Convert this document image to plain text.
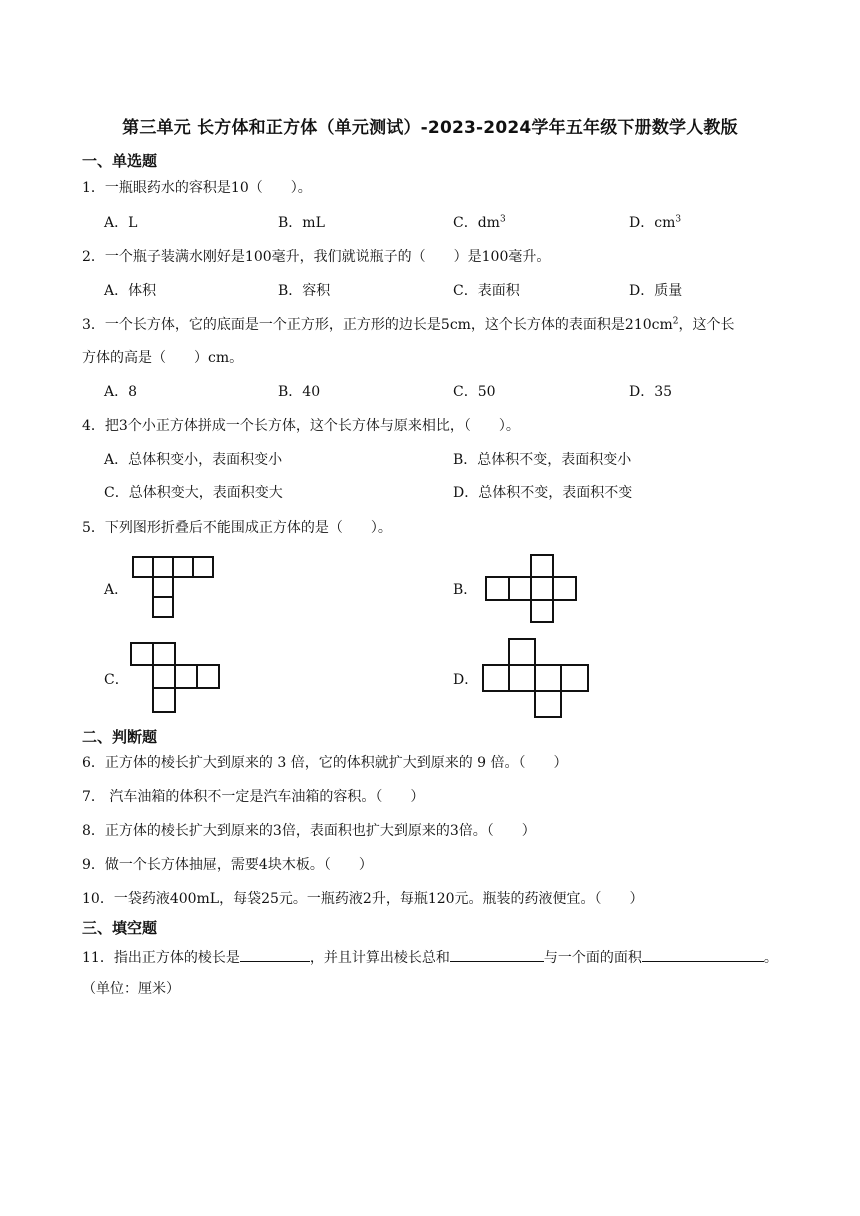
第三单元 长方体和正方体（单元测试）-2023-2024学年五年级下册数学人教版
一、单选题
1．一瓶眼药水的容积是10（　　）。
A．L	B．mL	C．$dm^3$	D．$cm^3$
2．一个瓶子装满水刚好是100毫升，我们就说瓶子的（　　）是100毫升。
A．体积	B．容积	C．表面积	D．质量
3．一个长方体，它的底面是一个正方形，正方形的边长是5cm，这个长方体的表面积是$210cm^2$，这个长
方体的高是（　　）cm。
A．8	B．40	C．50	D．35
4．把3个小正方体拼成一个长方体，这个长方体与原来相比，（　　）。
A．总体积变小，表面积变小	B．总体积不变，表面积变小
C．总体积变大，表面积变大	D．总体积不变，表面积不变
5．下列图形折叠后不能围成正方体的是（　　）。
A．	B．
C．	D．
二、判断题
6．正方体的棱长扩大到原来的 3 倍，它的体积就扩大到原来的 9 倍。（　　）
7． 汽车油箱的体积不一定是汽车油箱的容积。（　　）
8．正方体的棱长扩大到原来的3倍，表面积也扩大到原来的3倍。（　　）
9．做一个长方体抽屉，需要4块木板。（　　）
10．一袋药液400mL，每袋25元。一瓶药液2升，每瓶120元。瓶装的药液便宜。（　　）
三、填空题
11．指出正方体的棱长是	，并且计算出棱长总和	与一个面的面积	。
（单位：厘米）
